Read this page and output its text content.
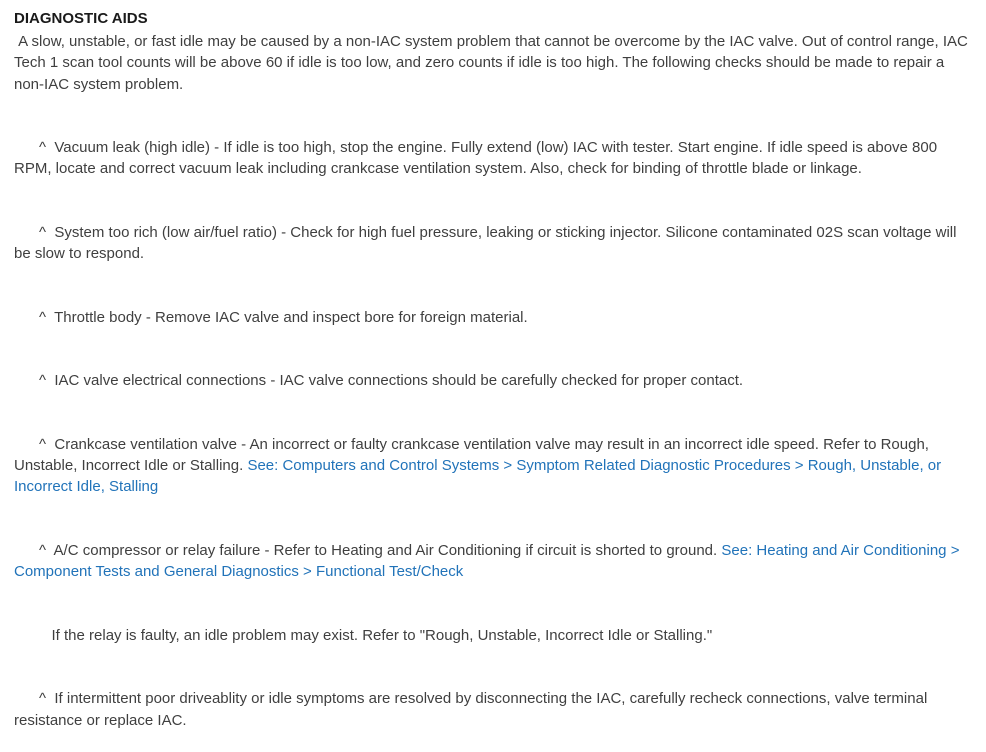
DIAGNOSTIC AIDS

A slow, unstable, or fast idle may be caused by a non-IAC system problem that cannot be overcome by the IAC valve. Out of control range, IAC Tech 1 scan tool counts will be above 60 if idle is too low, and zero counts if idle is too high. The following checks should be made to repair a non-IAC system problem.

^  Vacuum leak (high idle) - If idle is too high, stop the engine. Fully extend (low) IAC with tester. Start engine. If idle speed is above 800 RPM, locate and correct vacuum leak including crankcase ventilation system. Also, check for binding of throttle blade or linkage.

^  System too rich (low air/fuel ratio) - Check for high fuel pressure, leaking or sticking injector. Silicone contaminated 02S scan voltage will be slow to respond.

^  Throttle body - Remove IAC valve and inspect bore for foreign material.

^  IAC valve electrical connections - IAC valve connections should be carefully checked for proper contact.

^  Crankcase ventilation valve - An incorrect or faulty crankcase ventilation valve may result in an incorrect idle speed. Refer to Rough, Unstable, Incorrect Idle or Stalling. See: Computers and Control Systems > Symptom Related Diagnostic Procedures > Rough, Unstable, or Incorrect Idle, Stalling

^  A/C compressor or relay failure - Refer to Heating and Air Conditioning if circuit is shorted to ground. See: Heating and Air Conditioning > Component Tests and General Diagnostics > Functional Test/Check

If the relay is faulty, an idle problem may exist. Refer to "Rough, Unstable, Incorrect Idle or Stalling."

^  If intermittent poor driveablity or idle symptoms are resolved by disconnecting the IAC, carefully recheck connections, valve terminal resistance or replace IAC.
